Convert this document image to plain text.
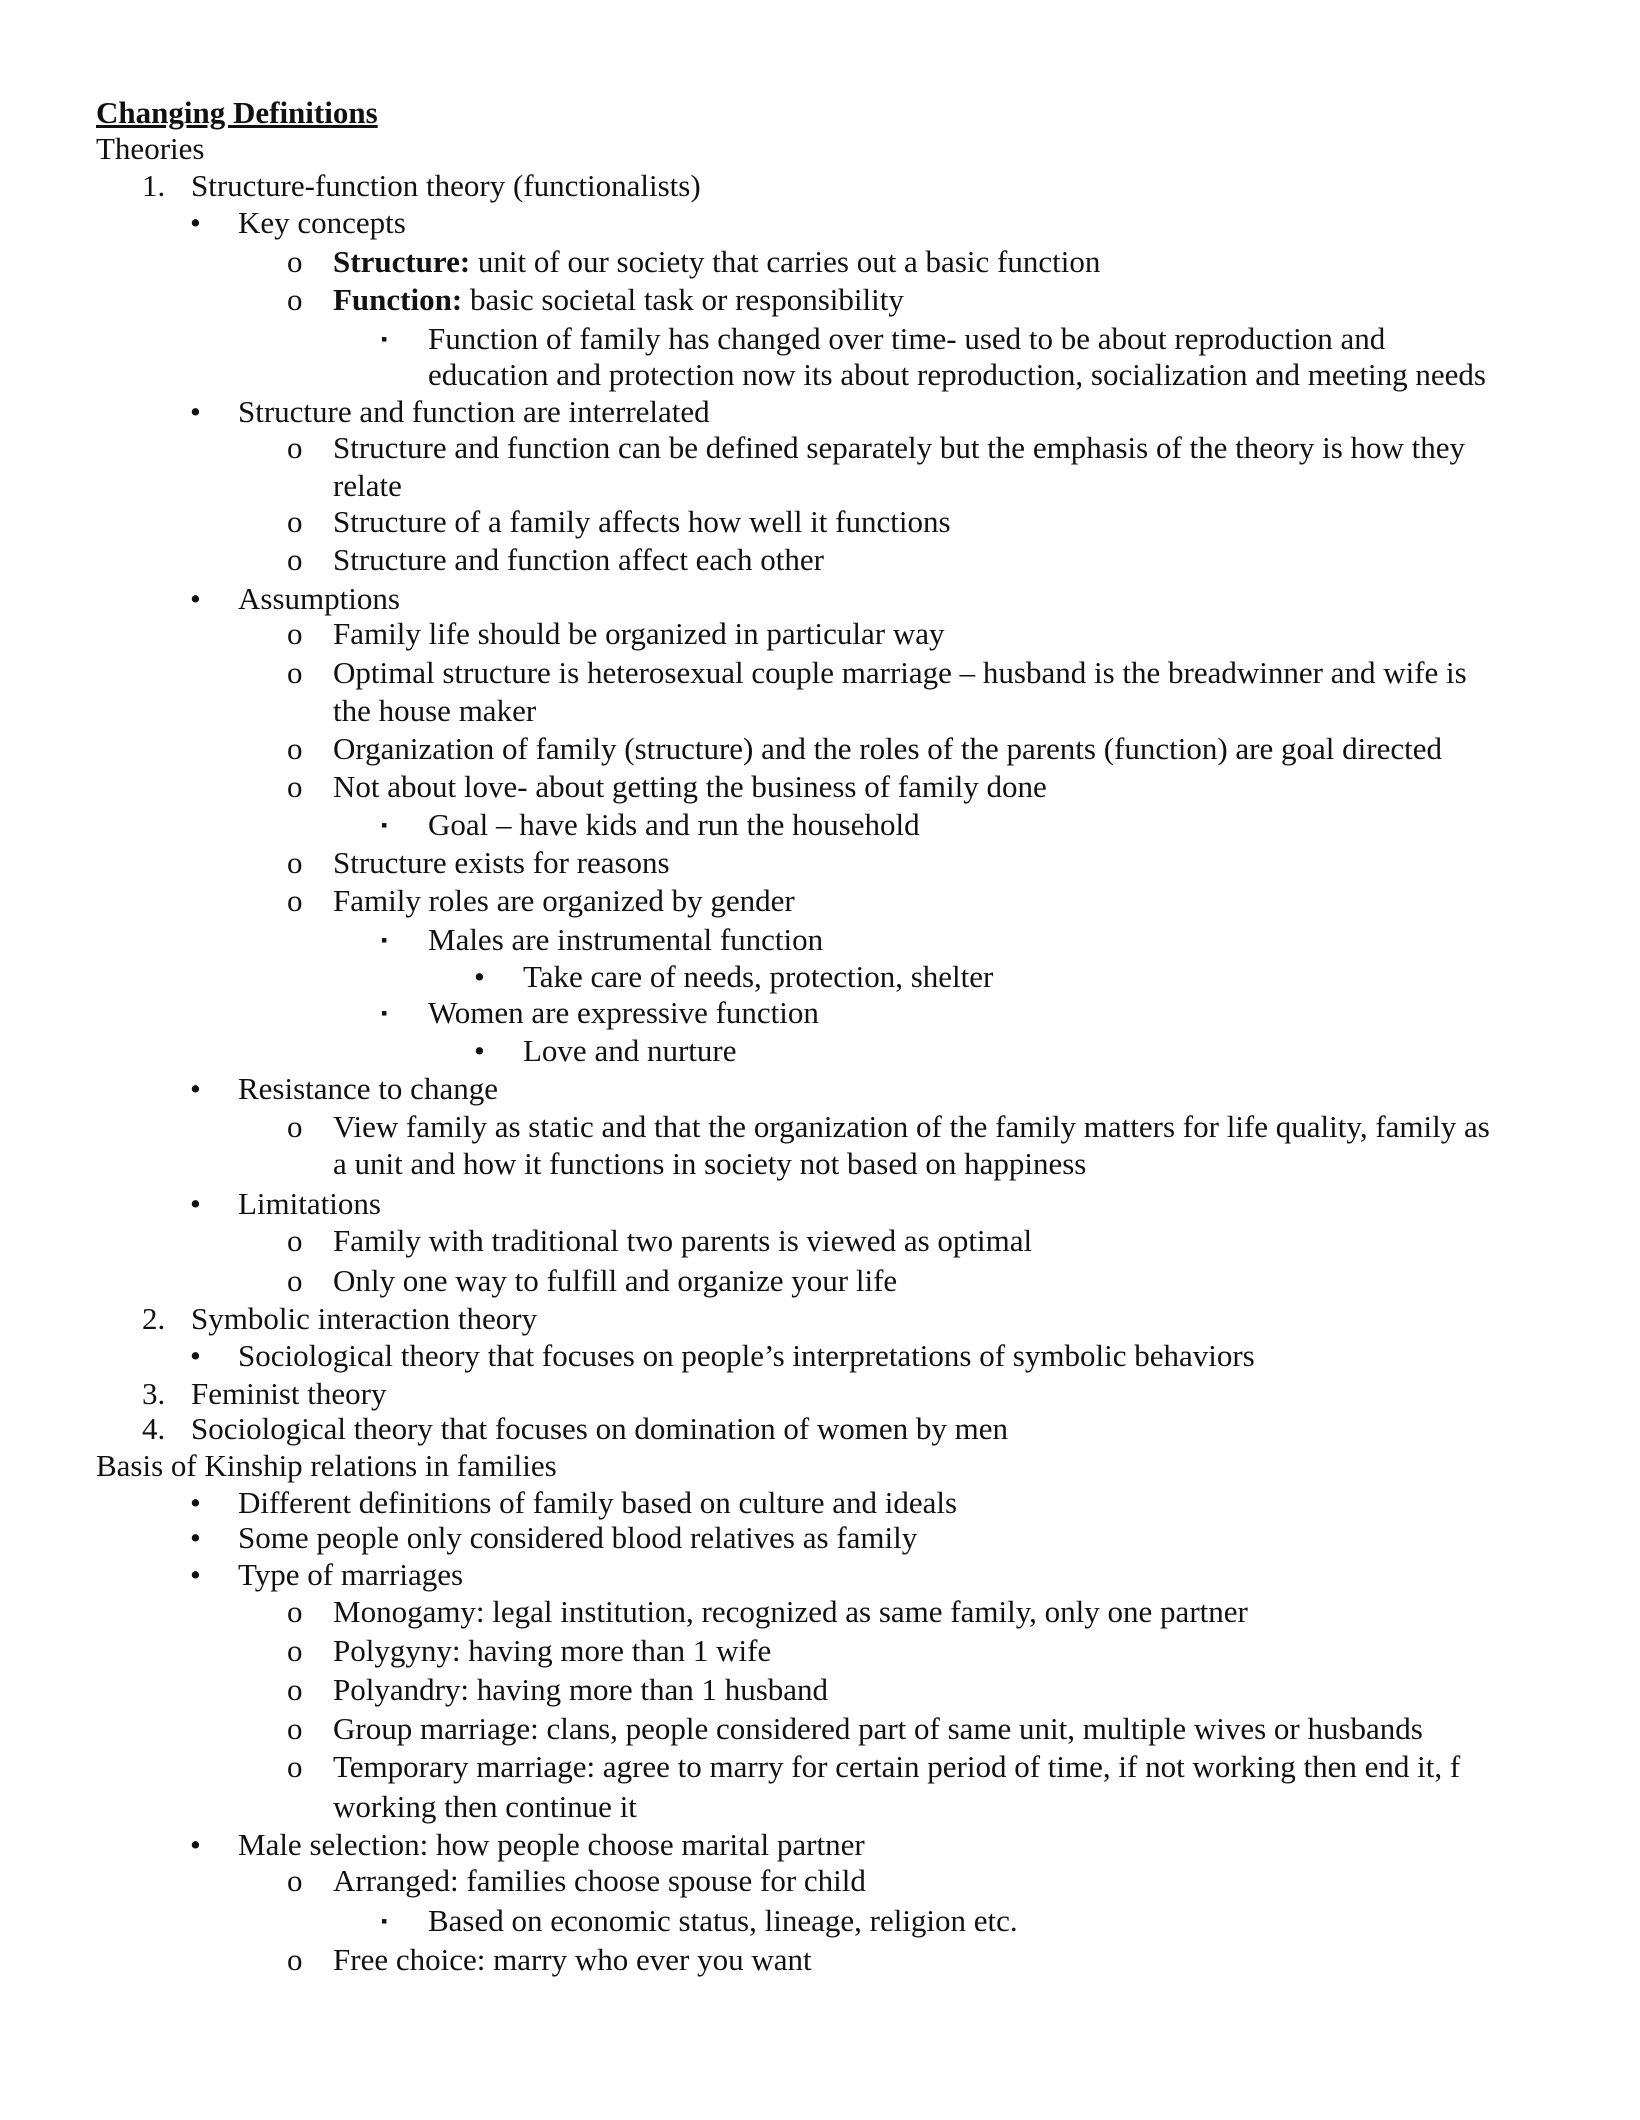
Changing Definitions
Theories
1. Structure-function theory (functionalists)
• Key concepts
o Structure: unit of our society that carries out a basic function
o Function: basic societal task or responsibility
▪ Function of family has changed over time- used to be about reproduction and
education and protection now its about reproduction, socialization and meeting needs
• Structure and function are interrelated
o Structure and function can be defined separately but the emphasis of the theory is how they
relate
o Structure of a family affects how well it functions
o Structure and function affect each other
• Assumptions
o Family life should be organized in particular way
o Optimal structure is heterosexual couple marriage – husband is the breadwinner and wife is
the house maker
o Organization of family (structure) and the roles of the parents (function) are goal directed
o Not about love- about getting the business of family done
▪ Goal – have kids and run the household
o Structure exists for reasons
o Family roles are organized by gender
▪ Males are instrumental function
• Take care of needs, protection, shelter
▪ Women are expressive function
• Love and nurture
• Resistance to change
o View family as static and that the organization of the family matters for life quality, family as
a unit and how it functions in society not based on happiness
• Limitations
o Family with traditional two parents is viewed as optimal
o Only one way to fulfill and organize your life
2. Symbolic interaction theory
• Sociological theory that focuses on people’s interpretations of symbolic behaviors
3. Feminist theory
4. Sociological theory that focuses on domination of women by men
Basis of Kinship relations in families
• Different definitions of family based on culture and ideals
• Some people only considered blood relatives as family
• Type of marriages
o Monogamy: legal institution, recognized as same family, only one partner
o Polygyny: having more than 1 wife
o Polyandry: having more than 1 husband
o Group marriage: clans, people considered part of same unit, multiple wives or husbands
o Temporary marriage: agree to marry for certain period of time, if not working then end it, f
working then continue it
• Male selection: how people choose marital partner
o Arranged: families choose spouse for child
▪ Based on economic status, lineage, religion etc.
o Free choice: marry who ever you want
